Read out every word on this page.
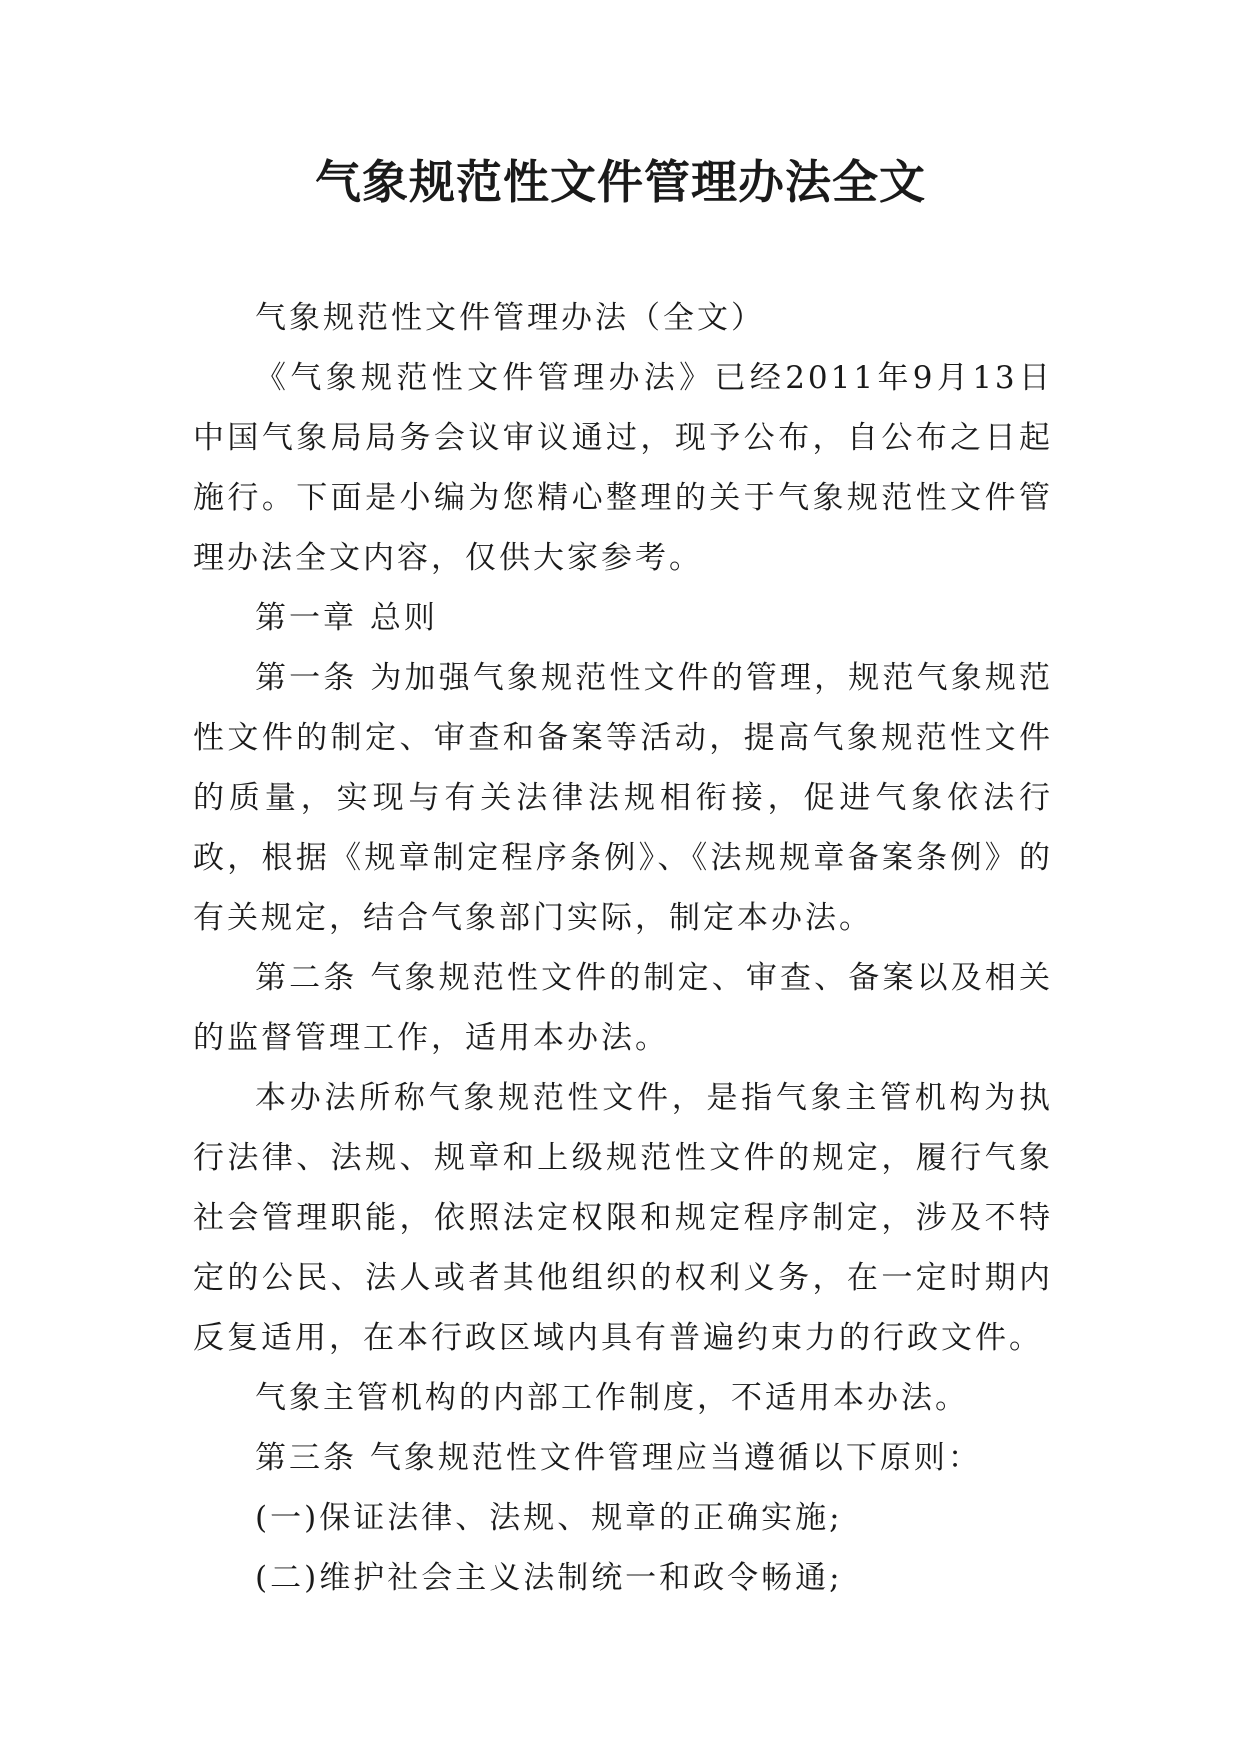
气象规范性文件管理办法全文

气象规范性文件管理办法（全文）

《气象规范性文件管理办法》已经2011年9月13日中国气象局局务会议审议通过，现予公布，自公布之日起施行。下面是小编为您精心整理的关于气象规范性文件管理办法全文内容，仅供大家参考。

第一章 总则

第一条 为加强气象规范性文件的管理，规范气象规范性文件的制定、审查和备案等活动，提高气象规范性文件的质量，实现与有关法律法规相衔接，促进气象依法行政，根据《规章制定程序条例》、《法规规章备案条例》的有关规定，结合气象部门实际，制定本办法。

第二条 气象规范性文件的制定、审查、备案以及相关的监督管理工作，适用本办法。

本办法所称气象规范性文件，是指气象主管机构为执行法律、法规、规章和上级规范性文件的规定，履行气象社会管理职能，依照法定权限和规定程序制定，涉及不特定的公民、法人或者其他组织的权利义务，在一定时期内反复适用，在本行政区域内具有普遍约束力的行政文件。

气象主管机构的内部工作制度，不适用本办法。

第三条 气象规范性文件管理应当遵循以下原则：

(一)保证法律、法规、规章的正确实施;

(二)维护社会主义法制统一和政令畅通;
